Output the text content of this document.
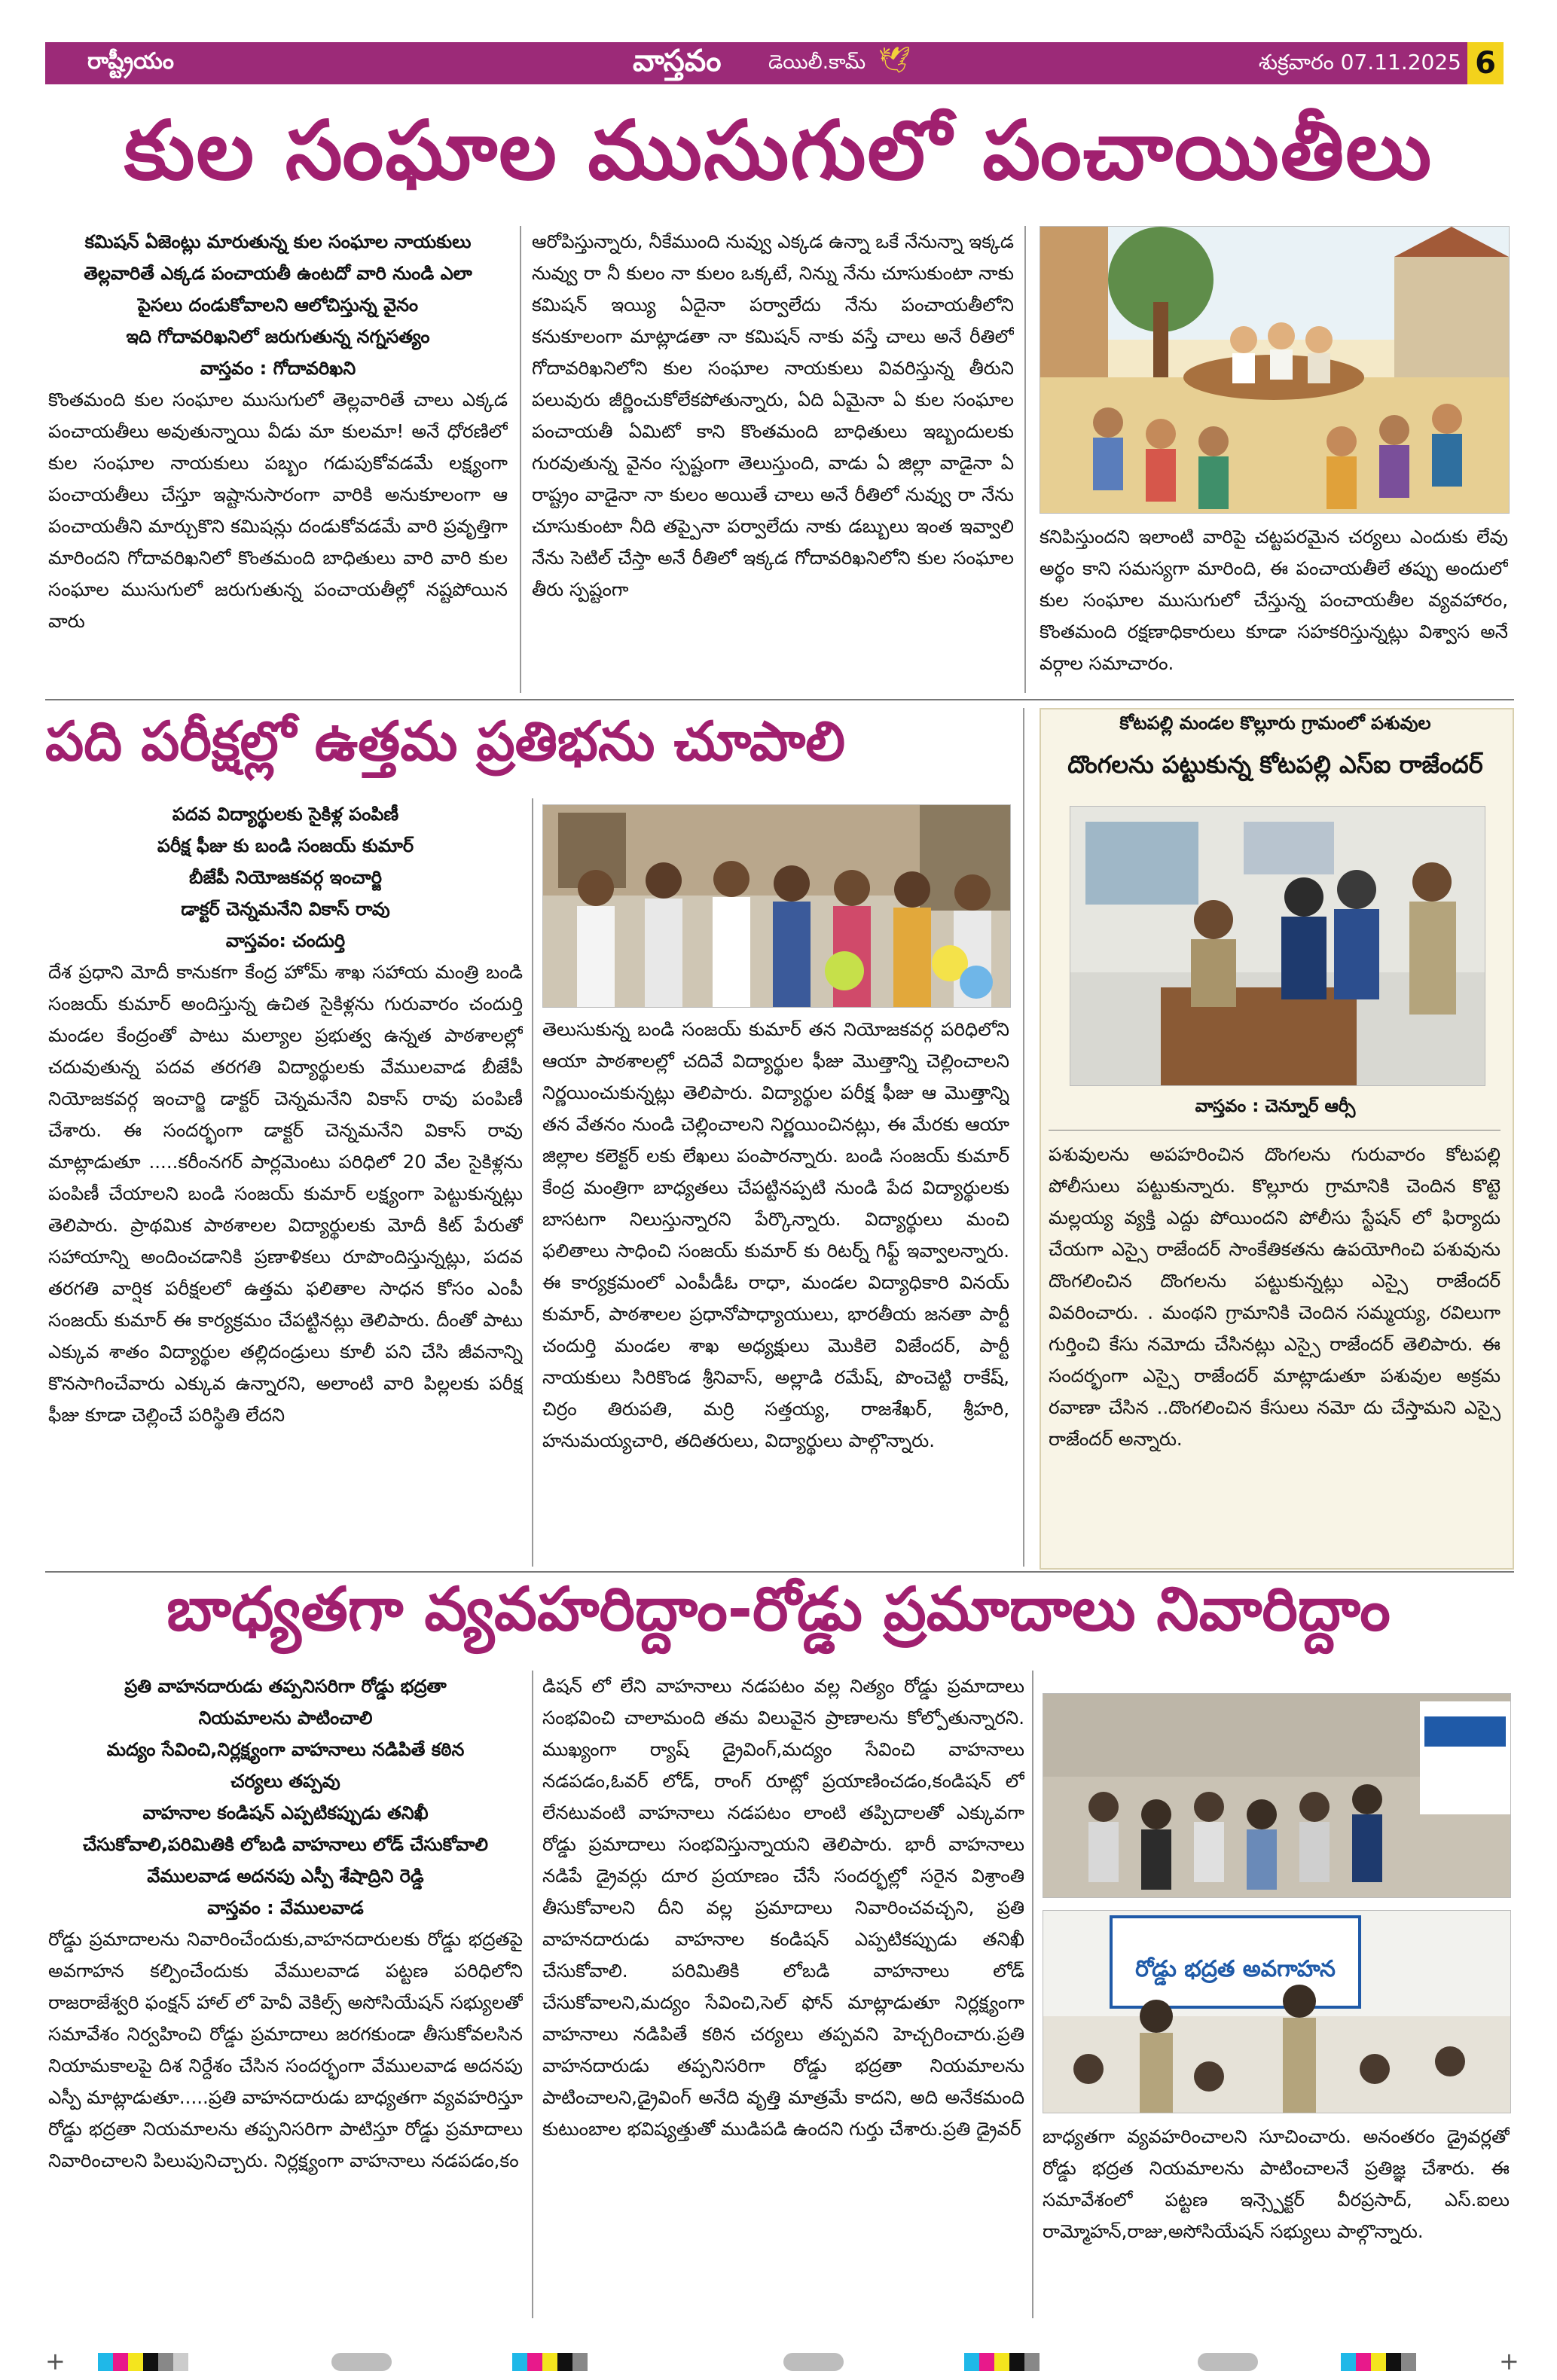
రాష్ట్రీయం	వాస్తవం డెయిలీ.కామ్ 🕊	శుక్రవారం 07.11.2025 6
కుల సంఘాల ముసుగులో పంచాయితీలు
కమిషన్ ఏజెంట్లు మారుతున్న కుల సంఘాల నాయకులు
తెల్లవారితే ఎక్కడ పంచాయతీ ఉంటదో వారి నుండి ఎలా
పైసలు దండుకోవాలని ఆలోచిస్తున్న వైనం
ఇది గోదావరిఖనిలో జరుగుతున్న నగ్నసత్యం
వాస్తవం : గోదావరిఖని

కొంతమంది కుల సంఘాల ముసుగులో తెల్లవారితే చాలు ఎక్కడ పంచాయతీలు అవుతున్నాయి వీడు మా కులమా! అనే ధోరణిలో కుల సంఘాల నాయకులు పబ్బం గడుపుకోవడమే లక్ష్యంగా పంచాయతీలు చేస్తూ ఇష్టానుసారంగా వారికి అనుకూలంగా ఆ పంచాయతీని మార్చుకొని కమిషన్లు దండుకోవడమే వారి ప్రవృత్తిగా మారిందని గోదావరిఖనిలో కొంతమంది బాధితులు వారి వారి కుల సంఘాల ముసుగులో జరుగుతున్న పంచాయతీల్లో నష్టపోయిన వారు

ఆరోపిస్తున్నారు, నీకేముంది నువ్వు ఎక్కడ ఉన్నా ఒకే నేనున్నా ఇక్కడ నువ్వు రా నీ కులం నా కులం ఒక్కటే, నిన్ను నేను చూసుకుంటా నాకు కమిషన్ ఇయ్యి ఏదైనా పర్వాలేదు నేను పంచాయతీలోని కనుకూలంగా మాట్లాడతా నా కమిషన్ నాకు వస్తే చాలు అనే రీతిలో గోదావరిఖనిలోని కుల సంఘాల నాయకులు వివరిస్తున్న తీరుని పలువురు జీర్ణించుకోలేకపోతున్నారు, ఏది ఏమైనా ఏ కుల సంఘాల పంచాయతీ ఏమిటో కాని కొంతమంది బాధితులు ఇబ్బందులకు గురవుతున్న వైనం స్పష్టంగా తెలుస్తుంది, వాడు ఏ జిల్లా వాడైనా ఏ రాష్ట్రం వాడైనా నా కులం అయితే చాలు అనే రీతిలో నువ్వు రా నేను చూసుకుంటా నీది తప్పైనా పర్వాలేదు నాకు డబ్బులు ఇంత ఇవ్వాలి నేను సెటిల్ చేస్తా అనే రీతిలో ఇక్కడ గోదావరిఖనిలోని కుల సంఘాల తీరు స్పష్టంగా

కనిపిస్తుందని ఇలాంటి వారిపై చట్టపరమైన చర్యలు ఎందుకు లేవు అర్థం కాని సమస్యగా మారింది, ఈ పంచాయతీలే తప్పు అందులో కుల సంఘాల ముసుగులో చేస్తున్న పంచాయతీల వ్యవహారం, కొంతమంది రక్షణాధికారులు కూడా సహకరిస్తున్నట్లు విశ్వాస అనే వర్గాల సమాచారం.

పది పరీక్షల్లో ఉత్తమ ప్రతిభను చూపాలి
పదవ విద్యార్థులకు సైకిళ్ల పంపిణీ
పరీక్ష ఫీజు కు బండి సంజయ్ కుమార్
బీజేపీ నియోజకవర్గ ఇంచార్జి
డాక్టర్ చెన్నమనేని వికాస్ రావు
వాస్తవం: చందుర్తి

దేశ ప్రధాని మోదీ కానుకగా కేంద్ర హోమ్ శాఖ సహాయ మంత్రి బండి సంజయ్ కుమార్ అందిస్తున్న ఉచిత సైకిళ్లను గురువారం చందుర్తి మండల కేంద్రంతో పాటు మల్యాల ప్రభుత్వ ఉన్నత పాఠశాలల్లో చదువుతున్న పదవ తరగతి విద్యార్థులకు వేములవాడ బీజేపీ నియోజకవర్గ ఇంచార్జి డాక్టర్ చెన్నమనేని వికాస్ రావు పంపిణీ చేశారు. ఈ సందర్భంగా డాక్టర్ చెన్నమనేని వికాస్ రావు మాట్లాడుతూ .....కరీంనగర్ పార్లమెంటు పరిధిలో 20 వేల సైకిళ్లను పంపిణీ చేయాలని బండి సంజయ్ కుమార్ లక్ష్యంగా పెట్టుకున్నట్లు తెలిపారు. ప్రాథమిక పాఠశాలల విద్యార్థులకు మోదీ కిట్ పేరుతో సహాయాన్ని అందించడానికి ప్రణాళికలు రూపొందిస్తున్నట్లు, పదవ తరగతి వార్షిక పరీక్షలలో ఉత్తమ ఫలితాల సాధన కోసం ఎంపీ సంజయ్ కుమార్ ఈ కార్యక్రమం చేపట్టినట్లు తెలిపారు. దీంతో పాటు ఎక్కువ శాతం విద్యార్థుల తల్లిదండ్రులు కూలీ పని చేసి జీవనాన్ని కొనసాగించేవారు ఎక్కువ ఉన్నారని, అలాంటి వారి పిల్లలకు పరీక్ష ఫీజు కూడా చెల్లించే పరిస్థితి లేదని

తెలుసుకున్న బండి సంజయ్ కుమార్ తన నియోజకవర్గ పరిధిలోని ఆయా పాఠశాలల్లో చదివే విద్యార్థుల ఫీజు మొత్తాన్ని చెల్లించాలని నిర్ణయించుకున్నట్లు తెలిపారు. విద్యార్థుల పరీక్ష ఫీజు ఆ మొత్తాన్ని తన వేతనం నుండి చెల్లించాలని నిర్ణయించినట్లు, ఈ మేరకు ఆయా జిల్లాల కలెక్టర్ లకు లేఖలు పంపారన్నారు. బండి సంజయ్ కుమార్ కేంద్ర మంత్రిగా బాధ్యతలు చేపట్టినప్పటి నుండి పేద విద్యార్థులకు బాసటగా నిలుస్తున్నారని పేర్కొన్నారు. విద్యార్థులు మంచి ఫలితాలు సాధించి సంజయ్ కుమార్ కు రిటర్న్ గిఫ్ట్ ఇవ్వాలన్నారు. ఈ కార్యక్రమంలో ఎంపీడీఓ రాధా, మండల విద్యాధికారి వినయ్ కుమార్, పాఠశాలల ప్రధానోపాధ్యాయులు, భారతీయ జనతా పార్టీ చందుర్తి మండల శాఖ అధ్యక్షులు మొకిలె విజేందర్, పార్టీ నాయకులు సిరికొండ శ్రీనివాస్, అల్లాడి రమేష్, పొంచెట్టి రాకేష్, చిర్రం తిరుపతి, మర్రి సత్తయ్య, రాజశేఖర్, శ్రీహరి, హనుమయ్యచారి, తదితరులు, విద్యార్థులు పాల్గొన్నారు.

కోటపల్లి మండల కొల్లూరు గ్రామంలో పశువుల
దొంగలను పట్టుకున్న కోటపల్లి ఎస్ఐ రాజేందర్
వాస్తవం : చెన్నూర్ ఆర్సీ

పశువులను అపహరించిన దొంగలను గురువారం కోటపల్లి పోలీసులు పట్టుకున్నారు. కొల్లూరు గ్రామానికి చెందిన కొట్టె మల్లయ్య వ్యక్తి ఎద్దు పోయిందని పోలీసు స్టేషన్ లో ఫిర్యాదు చేయగా ఎస్సై రాజేందర్ సాంకేతికతను ఉపయోగించి పశువును దొంగలించిన దొంగలను పట్టుకున్నట్లు ఎస్సై రాజేందర్ వివరించారు. . మంథని గ్రామానికి చెందిన సమ్మయ్య, రవిలుగా గుర్తించి కేసు నమోదు చేసినట్లు ఎస్సై రాజేందర్ తెలిపారు. ఈ సందర్భంగా ఎస్సై రాజేందర్ మాట్లాడుతూ పశువుల అక్రమ రవాణా చేసిన ..దొంగలించిన కేసులు నమో దు చేస్తామని ఎస్సై రాజేందర్ అన్నారు.

బాధ్యతగా వ్యవహరిద్దాం-రోడ్డు ప్రమాదాలు నివారిద్దాం
ప్రతి వాహనదారుడు తప్పనిసరిగా రోడ్డు భద్రతా
నియమాలను పాటించాలి
మద్యం సేవించి,నిర్లక్ష్యంగా వాహనాలు నడిపితే కఠిన
చర్యలు తప్పవు
వాహనాల కండిషన్ ఎప్పటికప్పుడు తనిఖీ
చేసుకోవాలి,పరిమితికి లోబడి వాహనాలు లోడ్ చేసుకోవాలి
వేములవాడ అదనపు ఎస్పీ శేషాద్రిని రెడ్డి
వాస్తవం : వేములవాడ

రోడ్డు ప్రమాదాలను నివారించేందుకు,వాహనదారులకు రోడ్డు భద్రతపై అవగాహన కల్పించేందుకు వేములవాడ పట్టణ పరిధిలోని రాజరాజేశ్వరి ఫంక్షన్ హాల్ లో హెవీ వెకిల్స్ అసోసియేషన్ సభ్యులతో సమావేశం నిర్వహించి రోడ్డు ప్రమాదాలు జరగకుండా తీసుకోవలసిన నియామకాలపై దిశ నిర్దేశం చేసిన సందర్భంగా వేములవాడ అదనపు ఎస్పీ మాట్లాడుతూ.....ప్రతి వాహనదారుడు బాధ్యతగా వ్యవహరిస్తూ రోడ్డు భద్రతా నియమాలను తప్పనిసరిగా పాటిస్తూ రోడ్డు ప్రమాదాలు నివారించాలని పిలుపునిచ్చారు. నిర్లక్ష్యంగా వాహనాలు నడపడం,కం

డిషన్ లో లేని వాహనాలు నడపటం వల్ల నిత్యం రోడ్డు ప్రమాదాలు సంభవించి చాలామంది తమ విలువైన ప్రాణాలను కోల్పోతున్నారని. ముఖ్యంగా ర్యాష్ డ్రైవింగ్,మద్యం సేవించి వాహనాలు నడపడం,ఓవర్ లోడ్, రాంగ్ రూట్లో ప్రయాణించడం,కండిషన్ లో లేనటువంటి వాహనాలు నడపటం లాంటి తప్పిదాలతో ఎక్కువగా రోడ్డు ప్రమాదాలు సంభవిస్తున్నాయని తెలిపారు. భారీ వాహనాలు నడిపే డ్రైవర్లు దూర ప్రయాణం చేసే సందర్భల్లో సరైన విశ్రాంతి తీసుకోవాలని దీని వల్ల ప్రమాదాలు నివారించవచ్చని, ప్రతి వాహనదారుడు వాహనాల కండిషన్ ఎప్పటికప్పుడు తనిఖీ చేసుకోవాలి. పరిమితికి లోబడి వాహనాలు లోడ్ చేసుకోవాలని,మద్యం సేవించి,సెల్ ఫోన్ మాట్లాడుతూ నిర్లక్ష్యంగా వాహనాలు నడిపితే కఠిన చర్యలు తప్పవని హెచ్చరించారు.ప్రతి వాహనదారుడు తప్పనిసరిగా రోడ్డు భద్రతా నియమాలను పాటించాలని,డ్రైవింగ్ అనేది వృత్తి మాత్రమే కాదని, అది అనేకమంది కుటుంబాల భవిష్యత్తుతో ముడిపడి ఉందని గుర్తు చేశారు.ప్రతి డ్రైవర్

రోడ్డు భద్రత అవగాహన

బాధ్యతగా వ్యవహరించాలని సూచించారు. అనంతరం డ్రైవర్లతో రోడ్డు భద్రత నియమాలను పాటించాలనే ప్రతిజ్ఞ చేశారు. ఈ సమావేశంలో పట్టణ ఇన్స్పెక్టర్ వీరప్రసాద్, ఎస్.ఐలు రామ్మోహన్,రాజు,అసోసియేషన్ సభ్యులు పాల్గొన్నారు.

+	+
